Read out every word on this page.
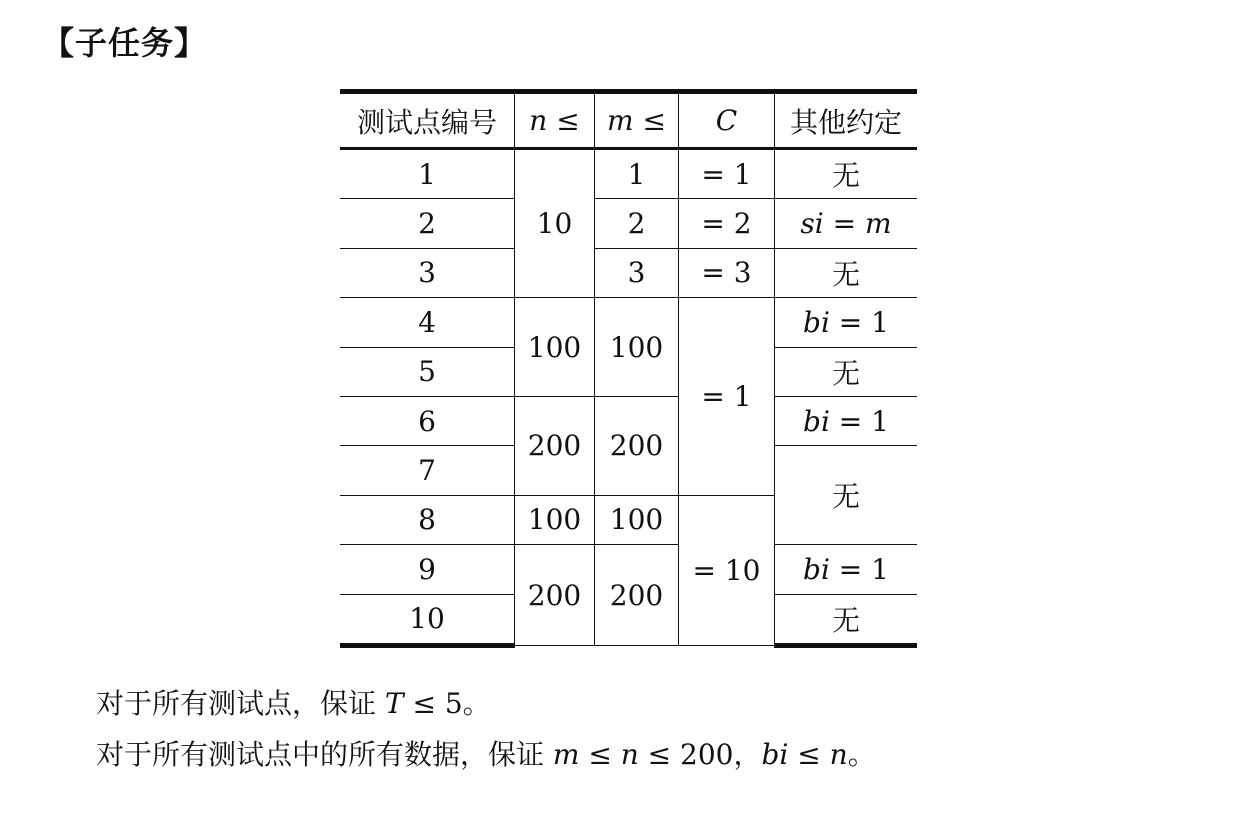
【子任务】
测试点编号	n ≤	m ≤	C	其他约定
1	10	1	= 1	无
2		2	= 2	si = m
3		3	= 3	无
4	100	100	= 1	bi = 1
5				无
6	200	200		bi = 1
7				无
8	100	100	= 10	
9	200	200		bi = 1
10				无

对于所有测试点，保证 T ≤ 5。

对于所有测试点中的所有数据，保证 m ≤ n ≤ 200，bi ≤ n。
